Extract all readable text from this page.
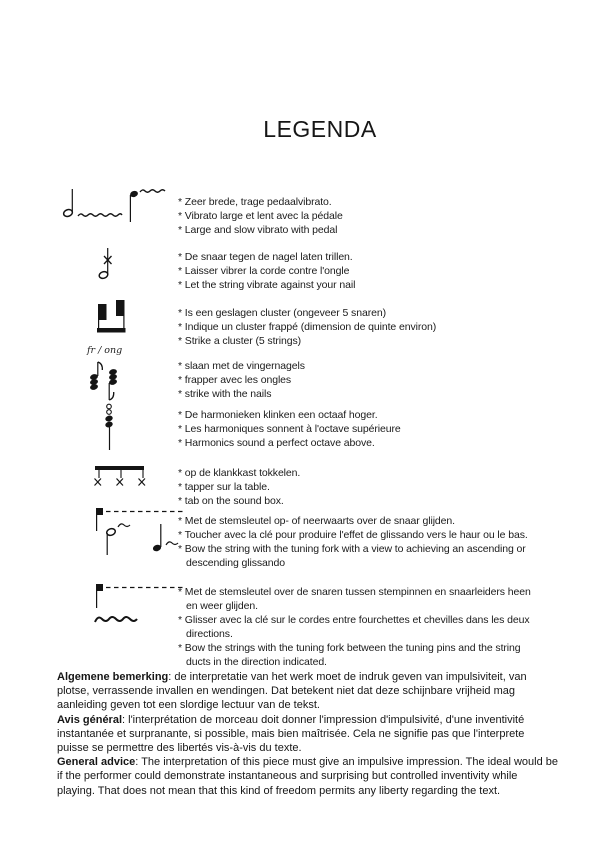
LEGENDA
fr / ong
* Zeer brede, trage pedaalvibrato.
* Vibrato large et lent avec la pédale
* Large and slow vibrato with pedal
* De snaar tegen de nagel laten trillen.
* Laisser vibrer la corde contre l'ongle
* Let the string vibrate against your nail
* Is een geslagen cluster (ongeveer 5 snaren)
* Indique un cluster frappé (dimension de quinte environ)
* Strike a cluster (5 strings)
* slaan met de vingernagels
* frapper avec les ongles
* strike with the nails
* De harmonieken klinken een octaaf hoger.
* Les harmoniques sonnent à l'octave supérieure
* Harmonics sound a perfect octave above.
* op de klankkast tokkelen.
* tapper sur la table.
* tab on the sound box.
* Met de stemsleutel op- of neerwaarts over de snaar glijden.
* Toucher avec la clé pour produire l'effet de glissando vers le haur ou le bas.
* Bow the string with the tuning fork with a view to achieving an ascending or
descending glissando
* Met de stemsleutel over de snaren tussen stempinnen en snaarleiders heen
en weer glijden.
* Glisser avec la clé sur le cordes entre fourchettes et chevilles dans les deux
directions.
* Bow the strings with the tuning fork between the tuning pins and the string
ducts in the direction indicated.

Algemene bemerking: de interpretatie van het werk moet de indruk geven van impulsiviteit, van plotse, verrassende invallen en wendingen. Dat betekent niet dat deze schijnbare vrijheid mag aanleiding geven tot een slordige lectuur van de tekst.

Avis général: l'interprétation de morceau doit donner l'impression d'impulsivité, d'une inventivité instantanée et surpranante, si possible, mais bien maîtrisée. Cela ne signifie pas que l'interprete puisse se permettre des libertés vis-à-vis du texte.

General advice: The interpretation of this piece must give an impulsive impression. The ideal would be if the performer could demonstrate instantaneous and surprising but controlled inventivity while playing. That does not mean that this kind of freedom permits any liberty regarding the text.
